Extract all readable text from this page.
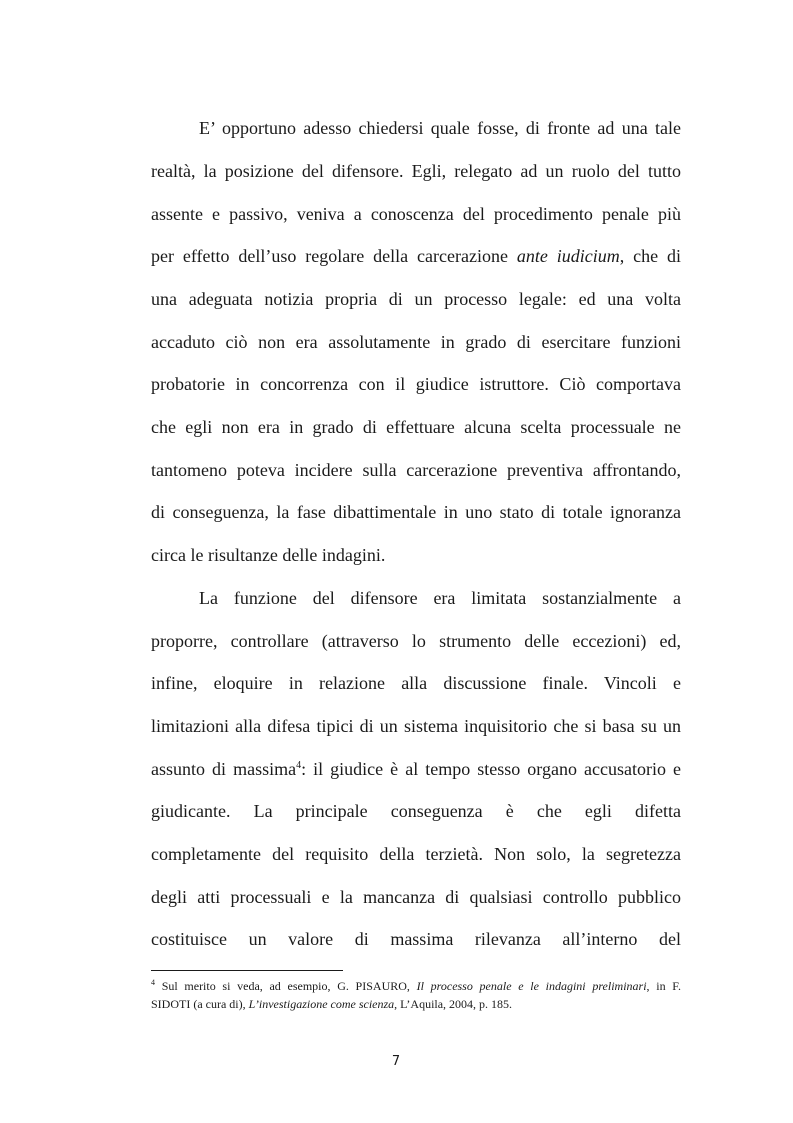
E’ opportuno adesso chiedersi quale fosse, di fronte ad una tale

realtà, la posizione del difensore. Egli, relegato ad un ruolo del tutto

assente e passivo, veniva a conoscenza del procedimento penale più

per effetto dell’uso regolare della carcerazione ante iudicium, che di

una adeguata notizia propria di un processo legale: ed una volta

accaduto ciò non era assolutamente in grado di esercitare funzioni

probatorie in concorrenza con il giudice istruttore. Ciò comportava

che egli non era in grado di effettuare alcuna scelta processuale ne

tantomeno poteva incidere sulla carcerazione preventiva affrontando,

di conseguenza, la fase dibattimentale in uno stato di totale ignoranza

circa le risultanze delle indagini.

La funzione del difensore era limitata sostanzialmente a

proporre, controllare (attraverso lo strumento delle eccezioni) ed,

infine, eloquire in relazione alla discussione finale. Vincoli e

limitazioni alla difesa tipici di un sistema inquisitorio che si basa su un

assunto di massima$^4$: il giudice è al tempo stesso organo accusatorio e

giudicante. La principale conseguenza è che egli difetta

completamente del requisito della terzietà. Non solo, la segretezza

degli atti processuali e la mancanza di qualsiasi controllo pubblico

costituisce un valore di massima rilevanza all’interno del

$^4$ Sul merito si veda, ad esempio, G. PISAURO, Il processo penale e le indagini preliminari, in F.

SIDOTI (a cura di), L’investigazione come scienza, L’Aquila, 2004, p. 185.

7
